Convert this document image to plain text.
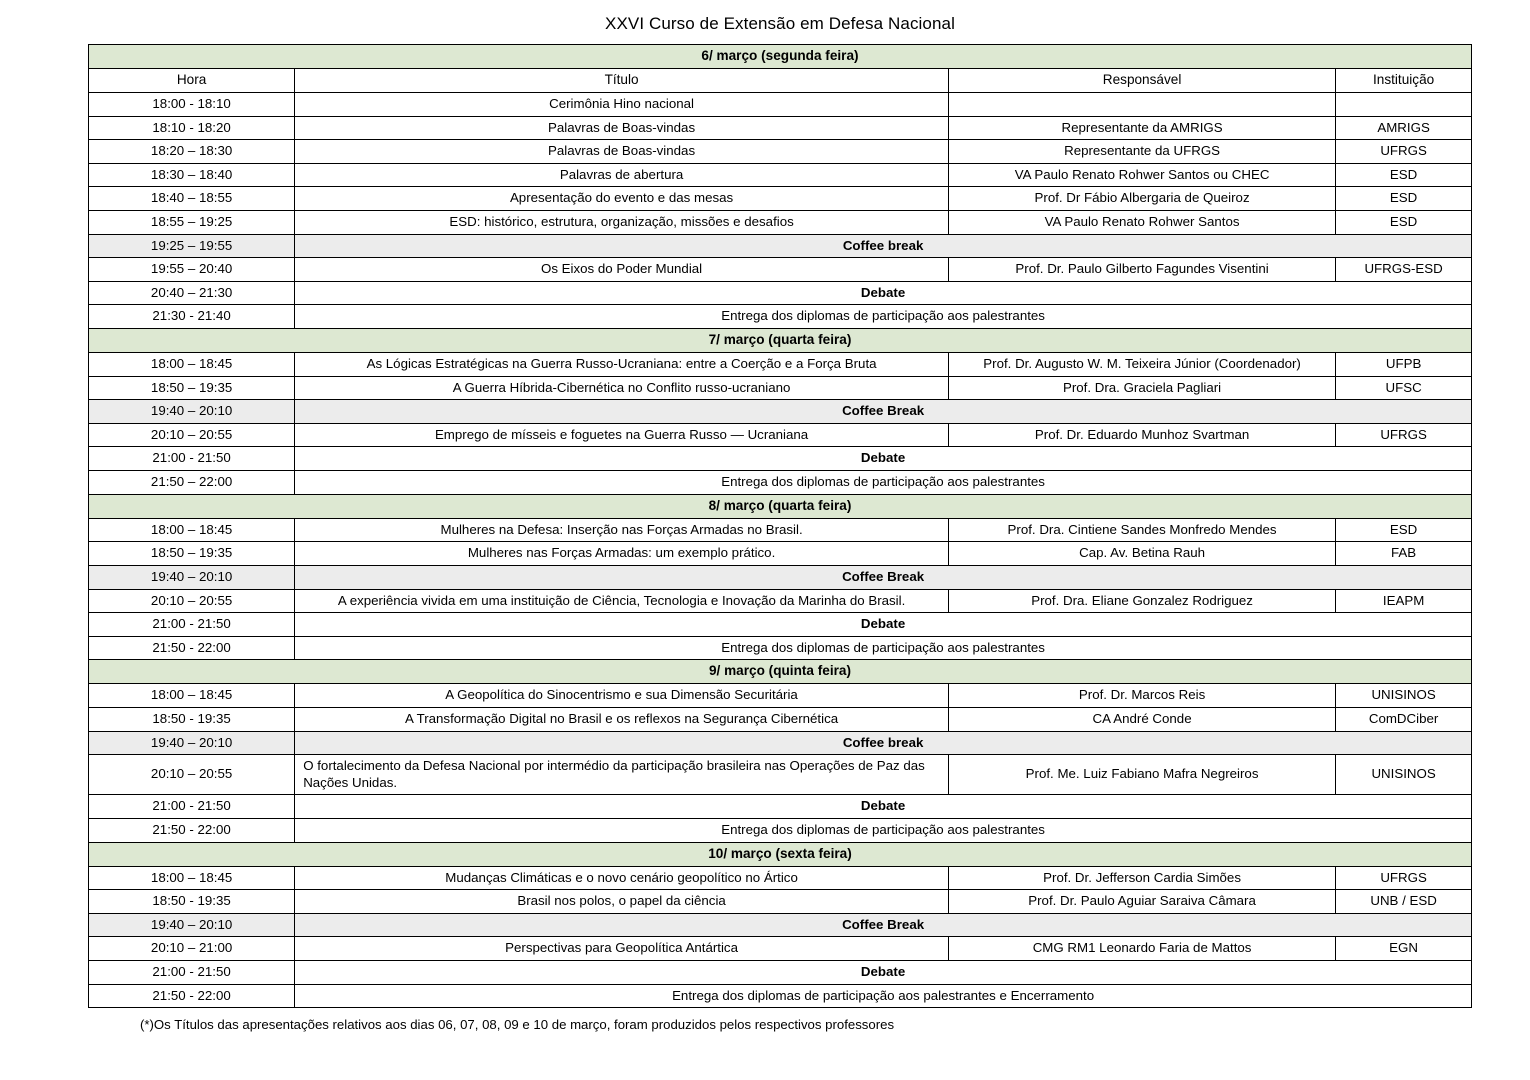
XXVI Curso de Extensão em Defesa Nacional
6/ março (segunda feira)			
Hora	Título	Responsável	Instituição
18:00 - 18:10	Cerimônia Hino nacional		
18:10 - 18:20	Palavras de Boas-vindas	Representante da AMRIGS	AMRIGS
18:20 – 18:30	Palavras de Boas-vindas	Representante da UFRGS	UFRGS
18:30 – 18:40	Palavras de abertura	VA Paulo Renato Rohwer Santos ou CHEC	ESD
18:40 – 18:55	Apresentação do evento e das mesas	Prof. Dr Fábio Albergaria de Queiroz	ESD
18:55 – 19:25	ESD: histórico, estrutura, organização, missões e desafios	VA Paulo Renato Rohwer Santos	ESD
19:25 – 19:55	Coffee break		
19:55 – 20:40	Os Eixos do Poder Mundial	Prof. Dr. Paulo Gilberto Fagundes Visentini	UFRGS-ESD
20:40 – 21:30	Debate		
21:30 - 21:40	Entrega dos diplomas de participação aos palestrantes		
7/ março (quarta feira)			
18:00 – 18:45	As Lógicas Estratégicas na Guerra Russo-Ucraniana: entre a Coerção e a Força Bruta	Prof. Dr. Augusto W. M. Teixeira Júnior (Coordenador)	UFPB
18:50 – 19:35	A Guerra Híbrida-Cibernética no Conflito russo-ucraniano	Prof. Dra. Graciela Pagliari	UFSC
19:40 – 20:10	Coffee Break		
20:10 – 20:55	Emprego de mísseis e foguetes na Guerra Russo — Ucraniana	Prof. Dr. Eduardo Munhoz Svartman	UFRGS
21:00 - 21:50	Debate		
21:50 – 22:00	Entrega dos diplomas de participação aos palestrantes		
8/ março (quarta feira)			
18:00 – 18:45	Mulheres na Defesa: Inserção nas Forças Armadas no Brasil.	Prof. Dra. Cintiene Sandes Monfredo Mendes	ESD
18:50 – 19:35	Mulheres nas Forças Armadas: um exemplo prático.	Cap. Av. Betina Rauh	FAB
19:40 – 20:10	Coffee Break		
20:10 – 20:55	A experiência vivida em uma instituição de Ciência, Tecnologia e Inovação da Marinha do Brasil.	Prof. Dra. Eliane Gonzalez Rodriguez	IEAPM
21:00 - 21:50	Debate		
21:50 - 22:00	Entrega dos diplomas de participação aos palestrantes		
9/ março (quinta feira)			
18:00 – 18:45	A Geopolítica do Sinocentrismo e sua Dimensão Securitária	Prof. Dr. Marcos Reis	UNISINOS
18:50 - 19:35	A Transformação Digital no Brasil e os reflexos na Segurança Cibernética	CA André Conde	ComDCiber
19:40 – 20:10	Coffee break		
20:10 – 20:55	O fortalecimento da Defesa Nacional por intermédio da participação brasileira nas Operações de Paz das Nações Unidas.	Prof. Me. Luiz Fabiano Mafra Negreiros	UNISINOS
21:00 - 21:50	Debate		
21:50 - 22:00	Entrega dos diplomas de participação aos palestrantes		
10/ março (sexta feira)			
18:00 – 18:45	Mudanças Climáticas e o novo cenário geopolítico no Ártico	Prof. Dr. Jefferson Cardia Simões	UFRGS
18:50 - 19:35	Brasil nos polos, o papel da ciência	Prof. Dr. Paulo Aguiar Saraiva Câmara	UNB / ESD
19:40 – 20:10	Coffee Break		
20:10 – 21:00	Perspectivas para Geopolítica Antártica	CMG RM1 Leonardo Faria de Mattos	EGN
21:00 - 21:50	Debate		
21:50 - 22:00	Entrega dos diplomas de participação aos palestrantes e Encerramento		
(*)Os Títulos das apresentações relativos aos dias 06, 07, 08, 09 e 10 de março, foram produzidos pelos respectivos professores
